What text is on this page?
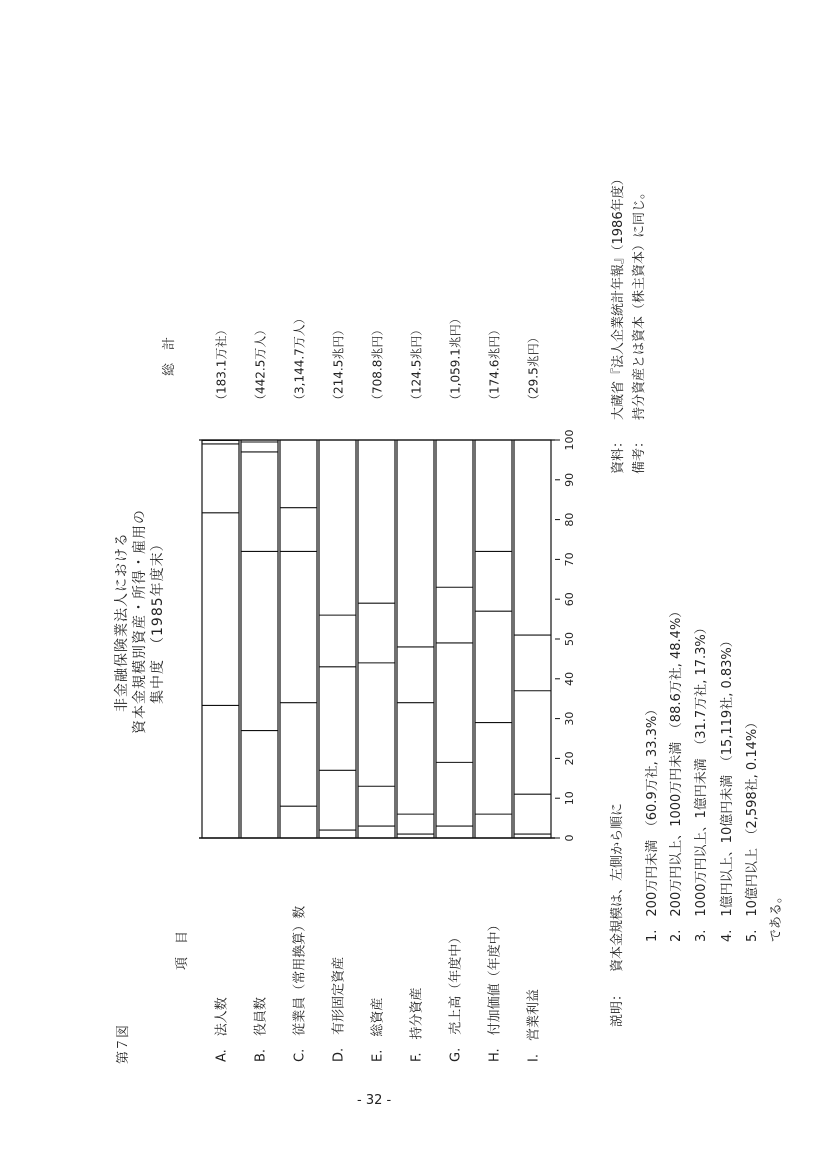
第７図
非金融保険業法人における 資本金規模別資産・所得・雇用の 集中度　（1985年度末）
項　目
総　計
A.　法人数
（183.1万社）
B.　役員数
（442.5万人）
C.　従業員（常用換算）数
（3,144.7万人）
D.　有形固定資産
（214.5兆円）
E.　総資産
（708.8兆円）
F.　持分資産
（124.5兆円）
G.　売上高（年度中）
（1,059.1兆円）
H.　付加価値（年度中）
（174.6兆円）
I.　営業利益
（29.5兆円）
0
10
20
30
40
50
60
70
80
90
100
説明：
資本金規模は、左側から順に 1.　200万円未満　（60.9万社, 33.3%） 2.　200万円以上、1000万円未満　（88.6万社, 48.4%） 3.　1000万円以上、1億円未満　（31.7万社, 17.3%） 4.　1億円以上、10億円未満　（15,119社, 0.83%） 5.　10億円以上　（2,598社, 0.14%） である。
資料：
大蔵省『法人企業統計年報』（1986年度）
備考：
持分資産とは資本（株主資本）に同じ。
- 32 -
